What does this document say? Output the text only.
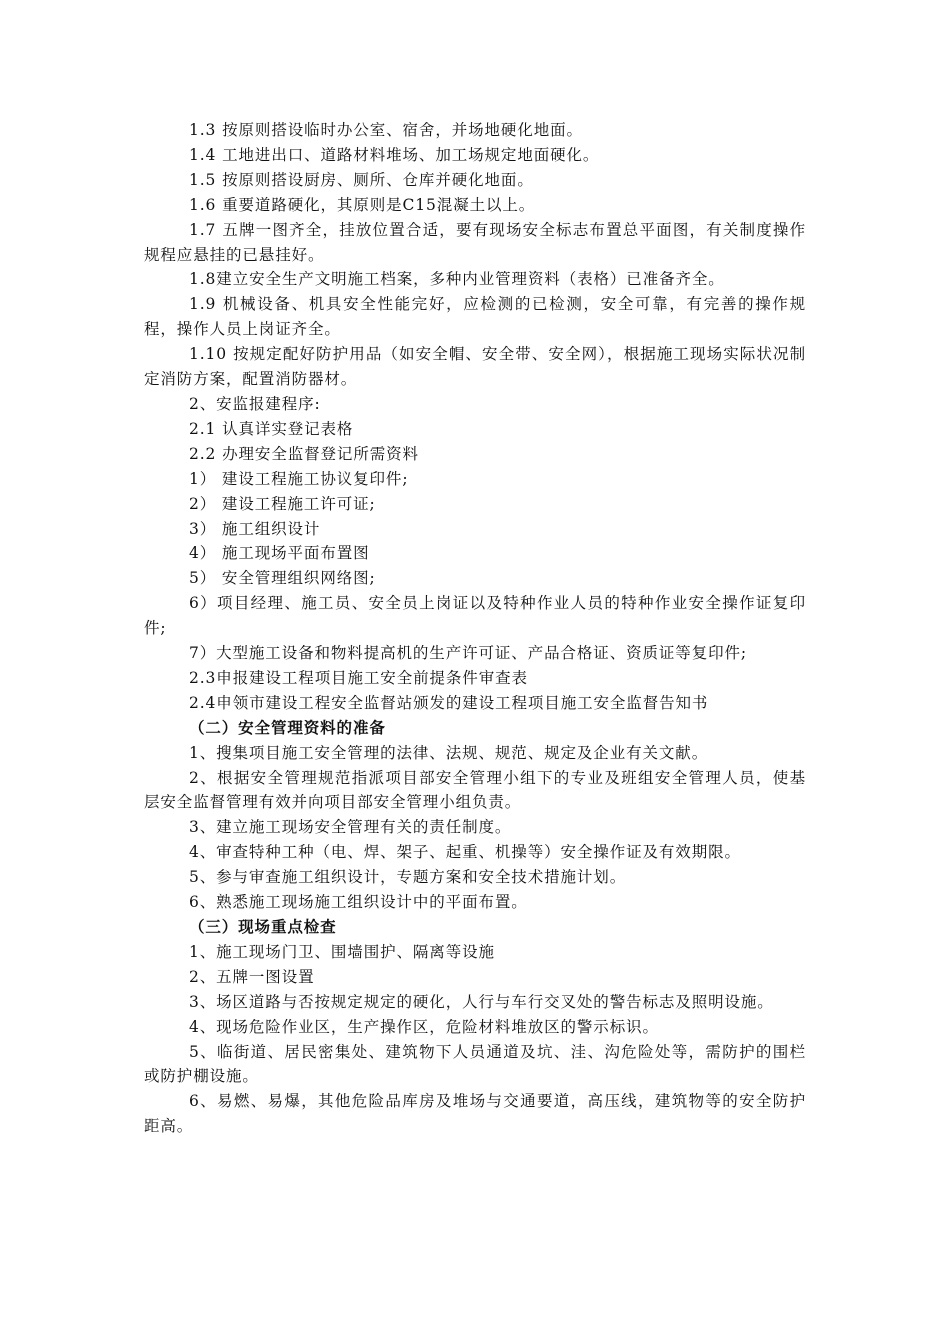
1.3 按原则搭设临时办公室、宿舍，并场地硬化地面。

1.4 工地进出口、道路材料堆场、加工场规定地面硬化。

1.5 按原则搭设厨房、厕所、仓库并硬化地面。

1.6 重要道路硬化，其原则是C15混凝土以上。

1.7 五牌一图齐全，挂放位置合适，要有现场安全标志布置总平面图，有关制度操作规程应悬挂的已悬挂好。

1.8建立安全生产文明施工档案，多种内业管理资料（表格）已准备齐全。

1.9 机械设备、机具安全性能完好，应检测的已检测，安全可靠，有完善的操作规程，操作人员上岗证齐全。

1.10 按规定配好防护用品（如安全帽、安全带、安全网），根据施工现场实际状况制定消防方案，配置消防器材。

2、安监报建程序:

2.1 认真详实登记表格

2.2 办理安全监督登记所需资料

1） 建设工程施工协议复印件;

2） 建设工程施工许可证;

3） 施工组织设计

4） 施工现场平面布置图

5） 安全管理组织网络图;

6）项目经理、施工员、安全员上岗证以及特种作业人员的特种作业安全操作证复印件;

7）大型施工设备和物料提高机的生产许可证、产品合格证、资质证等复印件;

2.3申报建设工程项目施工安全前提条件审查表

2.4申领市建设工程安全监督站颁发的建设工程项目施工安全监督告知书

（二）安全管理资料的准备

1、搜集项目施工安全管理的法律、法规、规范、规定及企业有关文献。

2、根据安全管理规范指派项目部安全管理小组下的专业及班组安全管理人员，使基层安全监督管理有效并向项目部安全管理小组负责。

3、建立施工现场安全管理有关的责任制度。

4、审查特种工种（电、焊、架子、起重、机操等）安全操作证及有效期限。

5、参与审查施工组织设计，专题方案和安全技术措施计划。

6、熟悉施工现场施工组织设计中的平面布置。

（三）现场重点检查

1、施工现场门卫、围墙围护、隔离等设施

2、五牌一图设置

3、场区道路与否按规定规定的硬化，人行与车行交叉处的警告标志及照明设施。

4、现场危险作业区，生产操作区，危险材料堆放区的警示标识。

5、临街道、居民密集处、建筑物下人员通道及坑、洼、沟危险处等，需防护的围栏或防护棚设施。

6、易燃、易爆，其他危险品库房及堆场与交通要道，高压线，建筑物等的安全防护距高。
